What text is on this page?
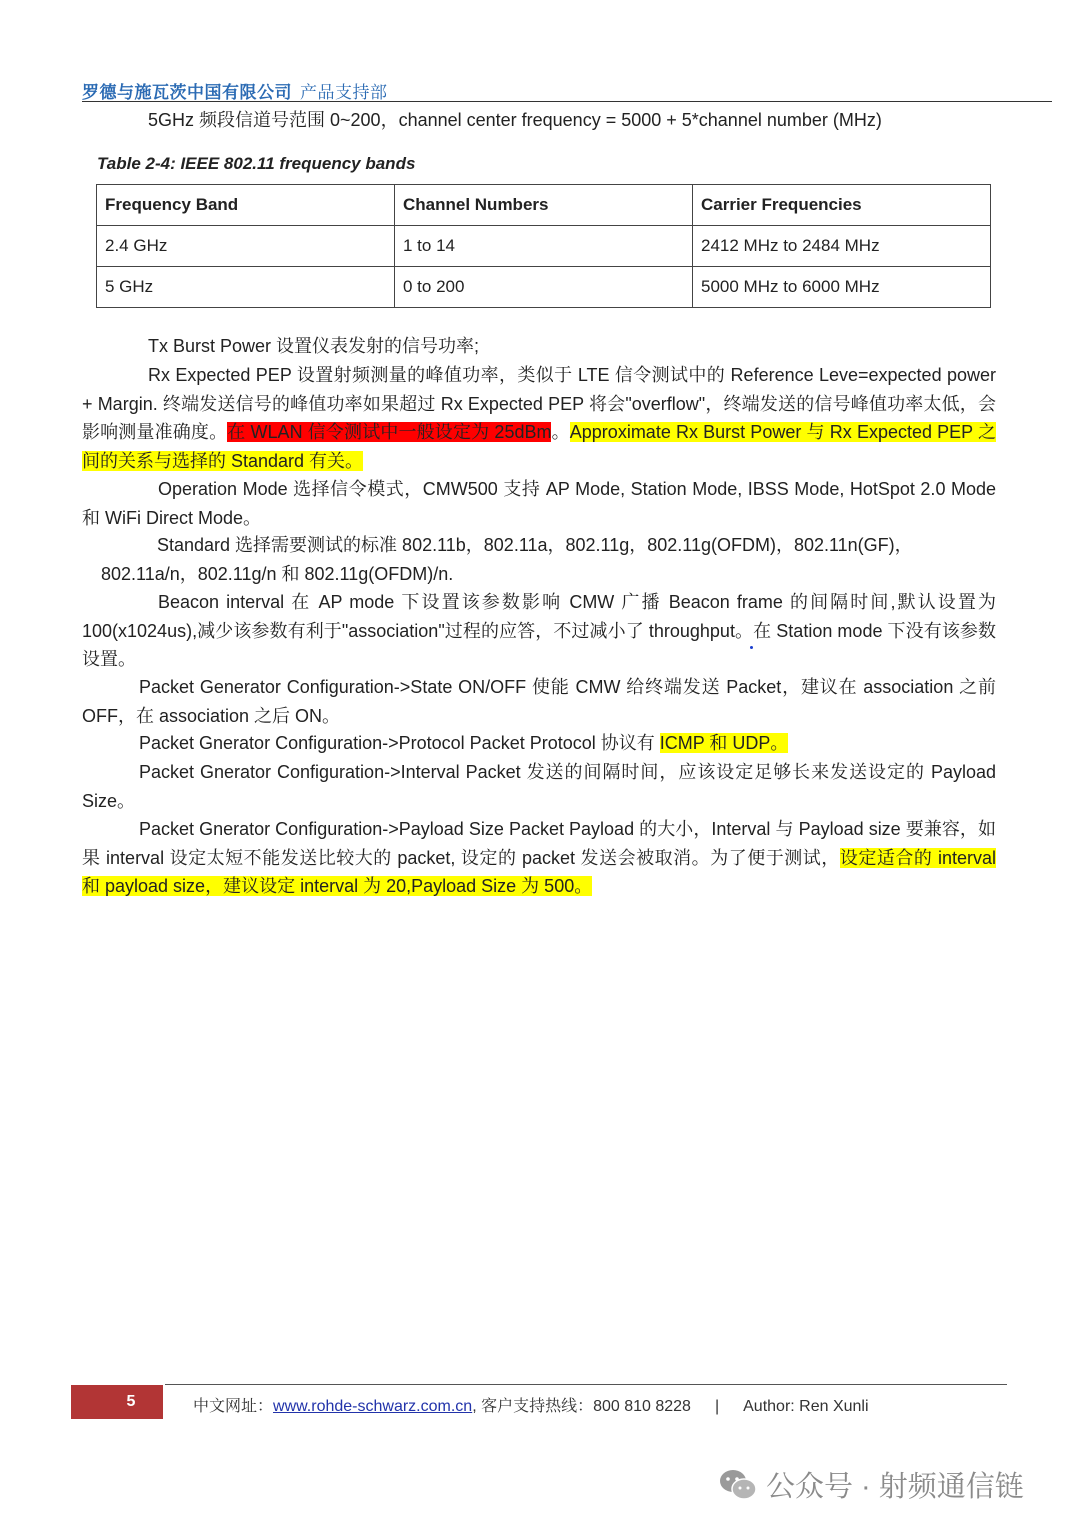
罗德与施瓦茨中国有限公司 产品支持部
5GHz 频段信道号范围 0~200，channel center frequency = 5000 + 5*channel number (MHz)
Table 2-4: IEEE 802.11 frequency bands
Frequency Band	Channel Numbers	Carrier Frequencies
2.4 GHz	1 to 14	2412 MHz to 2484 MHz
5 GHz	0 to 200	5000 MHz to 6000 MHz
Tx Burst Power 设置仪表发射的信号功率;
Rx Expected PEP 设置射频测量的峰值功率，类似于 LTE 信令测试中的 Reference Leve=expected power + Margin. 终端发送信号的峰值功率如果超过 Rx Expected PEP 将会"overflow"，终端发送的信号峰值功率太低，会影响测量准确度。在 WLAN 信令测试中一般设定为 25dBm。Approximate Rx Burst Power 与 Rx Expected PEP 之间的关系与选择的 Standard 有关。
Operation Mode 选择信令模式，CMW500 支持 AP Mode, Station Mode, IBSS Mode, HotSpot 2.0 Mode 和 WiFi Direct Mode。
Standard 选择需要测试的标准 802.11b，802.11a，802.11g，802.11g(OFDM)，802.11n(GF)，
802.11a/n，802.11g/n 和 802.11g(OFDM)/n.
Beacon interval 在 AP mode 下设置该参数影响 CMW 广播 Beacon frame 的间隔时间,默认设置为 100(x1024us),减少该参数有利于"association"过程的应答，不过减小了 throughput。在 Station mode 下没有该参数设置。
Packet Generator Configuration->State ON/OFF 使能 CMW 给终端发送 Packet，建议在 association 之前 OFF，在 association 之后 ON。
Packet Gnerator Configuration->Protocol Packet Protocol 协议有 ICMP 和 UDP。
Packet Gnerator Configuration->Interval Packet 发送的间隔时间，应该设定足够长来发送设定的 Payload Size。
Packet Gnerator Configuration->Payload Size Packet Payload 的大小，Interval 与 Payload size 要兼容，如果 interval 设定太短不能发送比较大的 packet, 设定的 packet 发送会被取消。为了便于测试，设定适合的 interval 和 payload size，建议设定 interval 为 20,Payload Size 为 500。
5	中文网址：www.rohde-schwarz.com.cn, 客户支持热线：800 810 8228 | Author: Ren Xunli
公众号 · 射频通信链
